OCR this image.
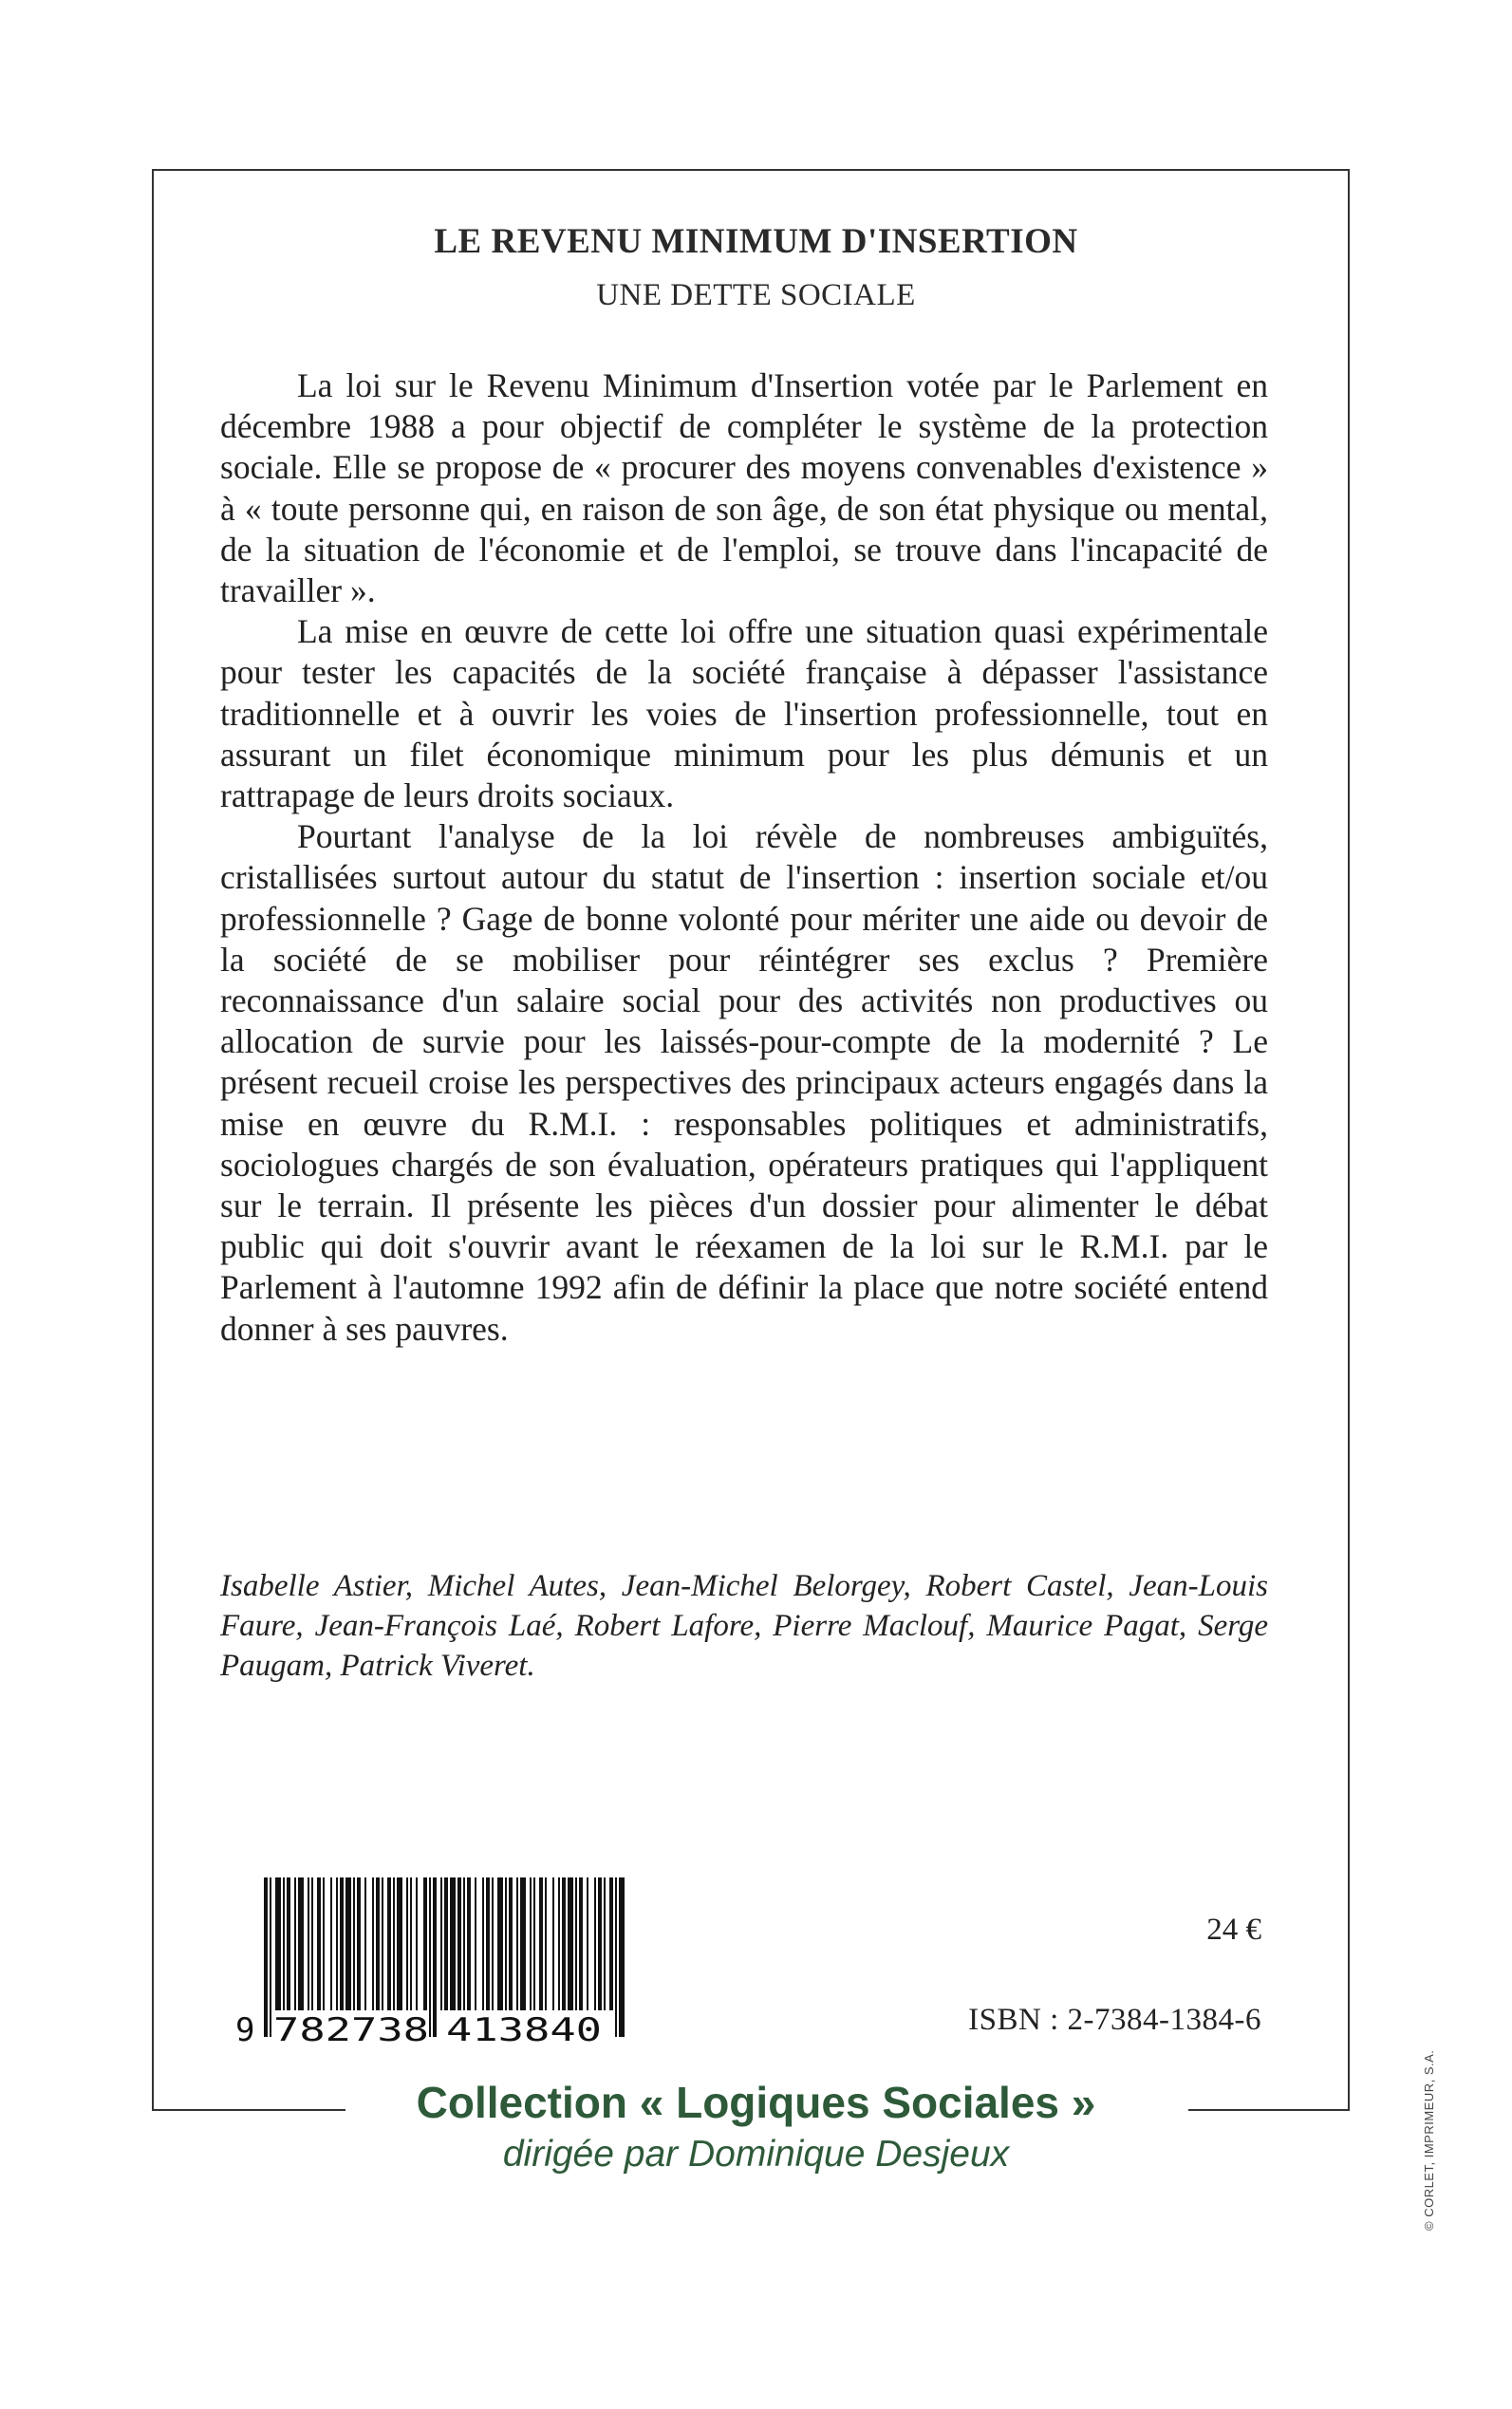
LE REVENU MINIMUM D'INSERTION
UNE DETTE SOCIALE

La loi sur le Revenu Minimum d'Insertion votée par le Parlement en décembre 1988 a pour objectif de compléter le système de la protection sociale. Elle se propose de « procurer des moyens convenables d'existence » à « toute personne qui, en raison de son âge, de son état physique ou mental, de la situation de l'économie et de l'emploi, se trouve dans l'incapacité de travailler ».

La mise en œuvre de cette loi offre une situation quasi expérimentale pour tester les capacités de la société française à dépasser l'assistance traditionnelle et à ouvrir les voies de l'insertion professionnelle, tout en assurant un filet économique minimum pour les plus démunis et un rattrapage de leurs droits sociaux.

Pourtant l'analyse de la loi révèle de nombreuses ambiguïtés, cristallisées surtout autour du statut de l'insertion : insertion sociale et/ou professionnelle ? Gage de bonne volonté pour mériter une aide ou devoir de la société de se mobiliser pour réintégrer ses exclus ? Première reconnaissance d'un salaire social pour des activités non productives ou allocation de survie pour les laissés-pour-compte de la modernité ? Le présent recueil croise les perspectives des principaux acteurs engagés dans la mise en œuvre du R.M.I. : responsables politiques et administratifs, sociologues chargés de son évaluation, opérateurs pratiques qui l'appliquent sur le terrain. Il présente les pièces d'un dossier pour alimenter le débat public qui doit s'ouvrir avant le réexamen de la loi sur le R.M.I. par le Parlement à l'automne 1992 afin de définir la place que notre société entend donner à ses pauvres.

Isabelle Astier, Michel Autes, Jean-Michel Belorgey, Robert Castel, Jean-Louis Faure, Jean-François Laé, Robert Lafore, Pierre Maclouf, Maurice Pagat, Serge Paugam, Patrick Viveret.
9 782738 413840
24 €
ISBN : 2-7384-1384-6
Collection « Logiques Sociales »
dirigée par Dominique Desjeux	© CORLET, IMPRIMEUR, S.A.
